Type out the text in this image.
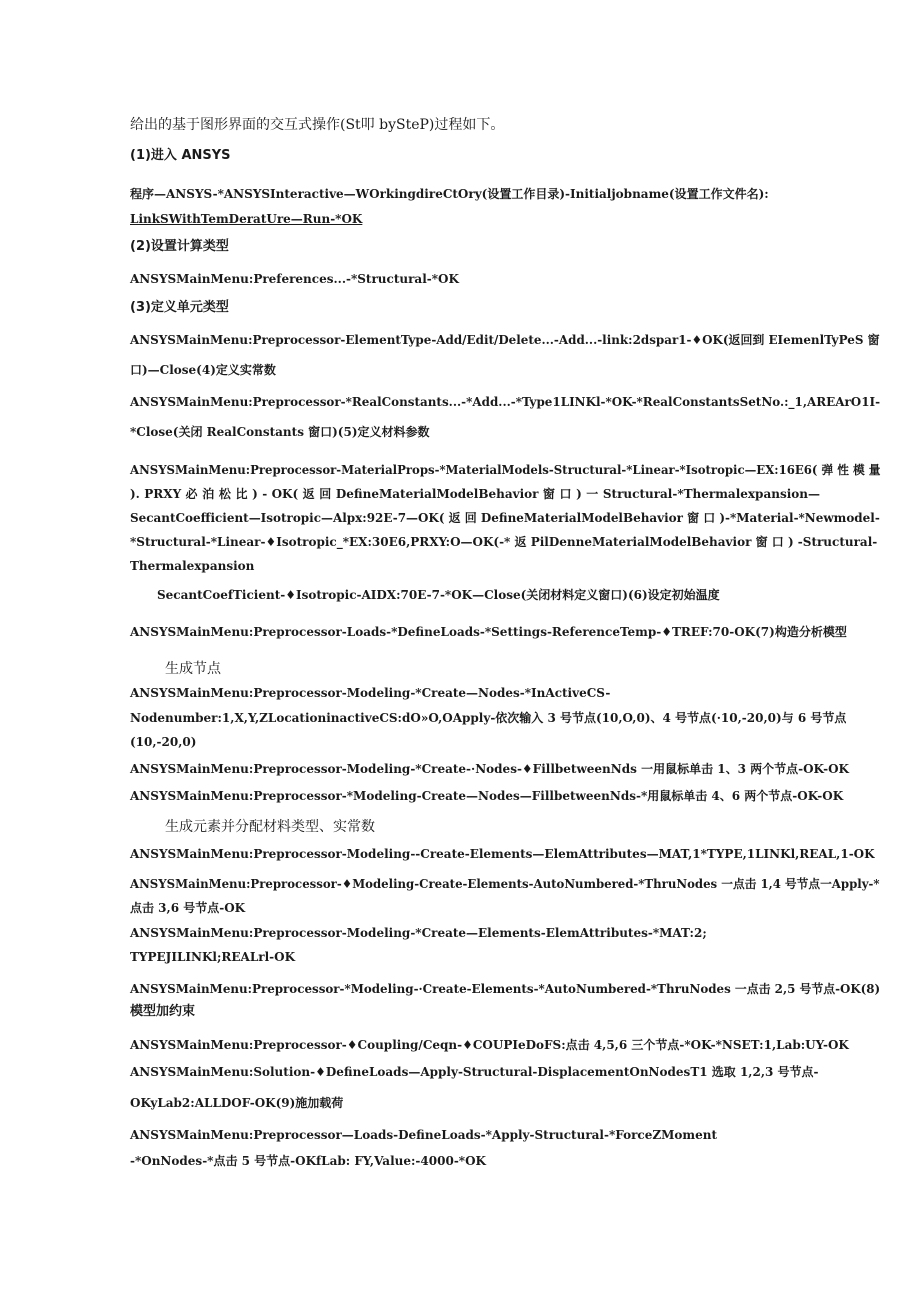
给出的基于图形界面的交互式操作(St叩 bySteP)过程如下。
(1)进入 ANSYS
程序—ANSYS-*ANSYSInteractive—WOrkingdireCtOry(设置工作目录)-Initialjobname(设置工作文件名):
LinkSWithTemDeratUre—Run-*OK
(2)设置计算类型
ANSYSMainMenu:Preferences...-*Structural-*OK
(3)定义单元类型
ANSYSMainMenu:Preprocessor-ElementType-Add/Edit/Delete...-Add...-link:2dspar1-♦OK(返回到 EIemenlTyPeS 窗
口)—Close(4)定义实常数
ANSYSMainMenu:Preprocessor-*RealConstants...-*Add...-*Type1LINKl-*OK-*RealConstantsSetNo.:_1,AREArO1I-
*Close(关闭 RealConstants 窗口)(5)定义材料参数
ANSYSMainMenu:Preprocessor-MaterialProps-*MaterialModels-Structural-*Linear-*Isotropic—EX:16E6( 弹 性 模 量
). PRXY 必 泊 松 比 ) - OK( 返 回 DefineMaterialModelBehavior 窗 口 ) 一 Structural-*Thermalexpansion—
SecantCoefficient—Isotropic—Alpx:92E-7—OK( 返 回 DefineMaterialModelBehavior 窗 口 )-*Material-*Newmodel-
*Structural-*Linear-♦Isotropic_*EX:30E6,PRXY:O—OK(-* 返 PilDenneMaterialModelBehavior 窗 口 ) -Structural-
Thermalexpansion
SecantCoefTicient-♦Isotropic-AIDX:70E-7-*OK—Close(关闭材料定义窗口)(6)设定初始温度
ANSYSMainMenu:Preprocessor-Loads-*DefineLoads-*Settings-ReferenceTemp-♦TREF:70-OK(7)构造分析模型
生成节点
ANSYSMainMenu:Preprocessor-Modeling-*Create—Nodes-*InActiveCS-
Nodenumber:1,X,Y,ZLocationinactiveCS:dO»O,OApply-依次输入 3 号节点(10,O,0)、4 号节点(·10,-20,0)与 6 号节点
(10,-20,0)
ANSYSMainMenu:Preprocessor-Modeling-*Create-·Nodes-♦FillbetweenNds 一用鼠标单击 1、3 两个节点-OK-OK
ANSYSMainMenu:Preprocessor-*Modeling-Create—Nodes—FillbetweenNds-*用鼠标单击 4、6 两个节点-OK-OK
生成元素并分配材料类型、实常数
ANSYSMainMenu:Preprocessor-Modeling--Create-Elements—ElemAttributes—MAT,1*TYPE,1LINKl,REAL,1-OK
ANSYSMainMenu:Preprocessor-♦Modeling-Create-Elements-AutoNumbered-*ThruNodes 一点击 1,4 号节点一Apply-*
点击 3,6 号节点-OK
ANSYSMainMenu:Preprocessor-Modeling-*Create—Elements-ElemAttributes-*MAT:2;
TYPEJILINKl;REALrl-OK
ANSYSMainMenu:Preprocessor-*Modeling-·Create-Elements-*AutoNumbered-*ThruNodes 一点击 2,5 号节点-OK(8)
模型加约束
ANSYSMainMenu:Preprocessor-♦Coupling/Ceqn-♦COUPIeDoFS:点击 4,5,6 三个节点-*OK-*NSET:1,Lab:UY-OK
ANSYSMainMenu:Solution-♦DefineLoads—Apply-Structural-DisplacementOnNodesT1 选取 1,2,3 号节点-
OKyLab2:ALLDOF-OK(9)施加载荷
ANSYSMainMenu:Preprocessor—Loads-DefineLoads-*Apply-Structural-*ForceZMoment
-*OnNodes-*点击 5 号节点-OKfLab: FY,Value:-4000-*OK
